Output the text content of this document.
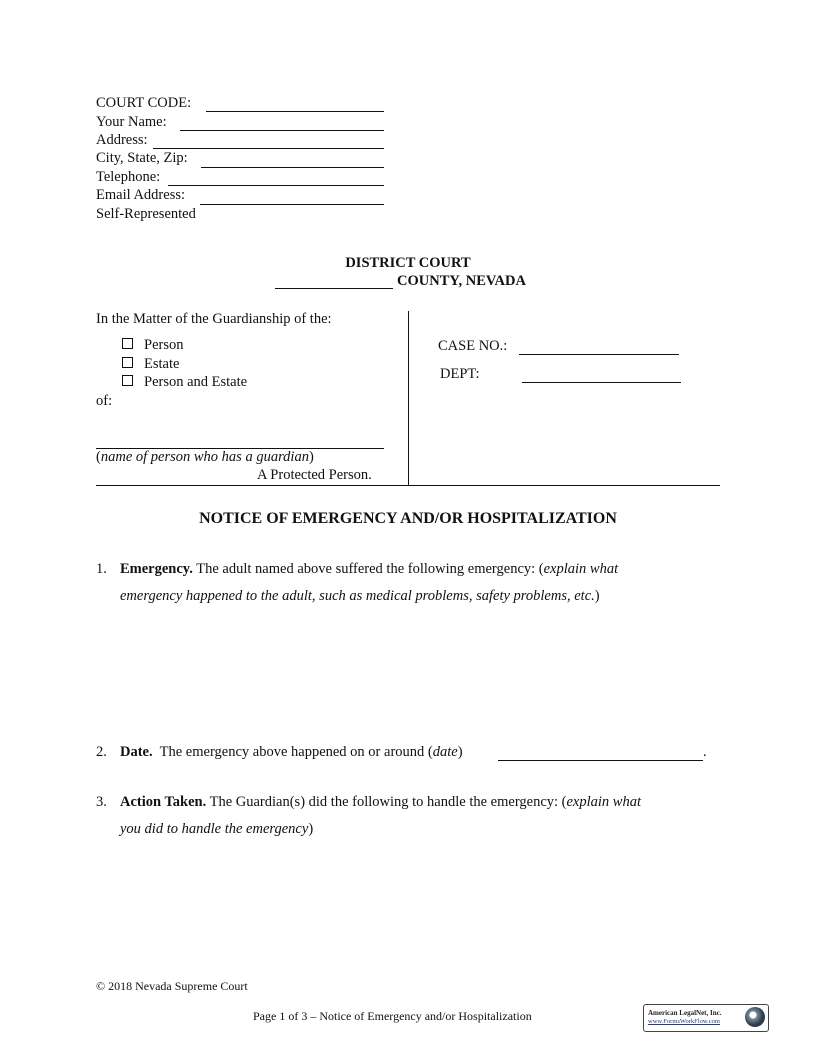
COURT CODE:
Your Name:
Address:
City, State, Zip:
Telephone:
Email Address:
Self-Represented
DISTRICT COURT
COUNTY, NEVADA
In the Matter of the Guardianship of the:
Person
Estate
Person and Estate
of:
(name of person who has a guardian)
A Protected Person.
CASE NO.:
DEPT:
NOTICE OF EMERGENCY AND/OR HOSPITALIZATION
1. Emergency. The adult named above suffered the following emergency: (explain what
emergency happened to the adult, such as medical problems, safety problems, etc.)
2. Date. The emergency above happened on or around (date)	.
3. Action Taken. The Guardian(s) did the following to handle the emergency: (explain what
you did to handle the emergency)
© 2018 Nevada Supreme Court
Page 1 of 3 – Notice of Emergency and/or Hospitalization	American LegalNet, Inc.
www.FormsWorkFlow.com
